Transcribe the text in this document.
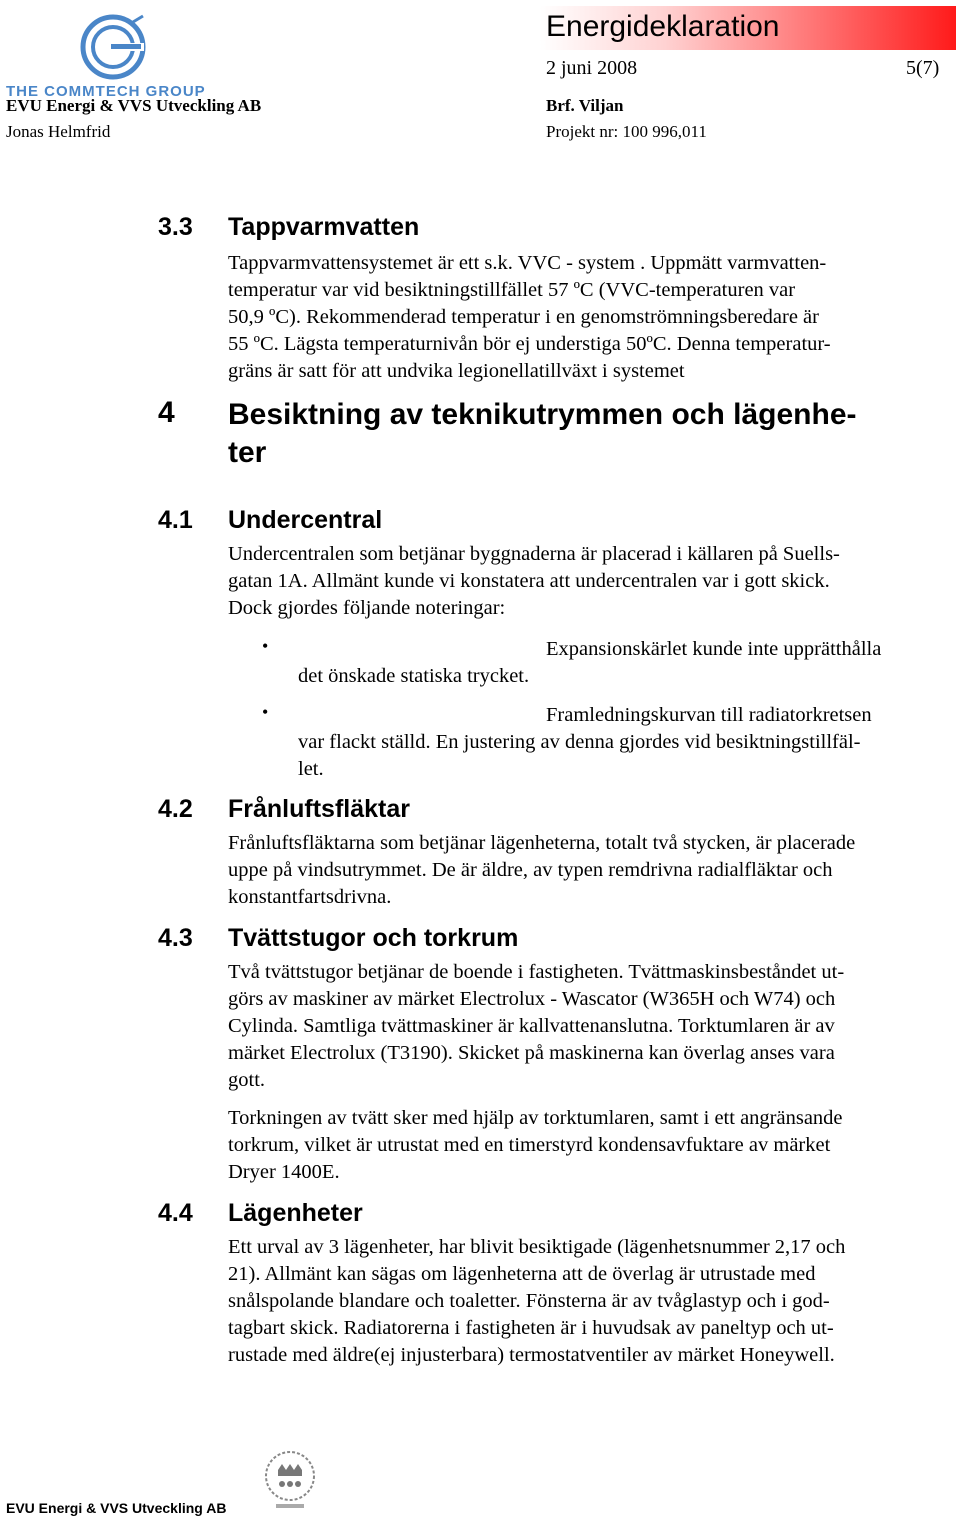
THE COMMTECH GROUP
EVU Energi & VVS Utveckling AB
Jonas Helmfrid
Energideklaration
2 juni 2008	5(7)
Brf. Viljan
Projekt nr: 100 996,011
3.3 Tappvarmvatten
Tappvarmvattensystemet är ett s.k. VVC - system . Uppmätt varmvatten-
temperatur var vid besiktningstillfället 57 ºC (VVC-temperaturen var
50,9 ºC). Rekommenderad temperatur i en genomströmningsberedare är
55 ºC. Lägsta temperaturnivån bör ej understiga 50ºC. Denna temperatur-
gräns är satt för att undvika legionellatillväxt i systemet
4 Besiktning av teknikutrymmen och lägenhe-
ter
4.1 Undercentral
Undercentralen som betjänar byggnaderna är placerad i källaren på Suells-
gatan 1A. Allmänt kunde vi konstatera att undercentralen var i gott skick.
Dock gjordes följande noteringar:
•	Expansionskärlet kunde inte upprätthålla
det önskade statiska trycket.
•	Framledningskurvan till radiatorkretsen
var flackt ställd. En justering av denna gjordes vid besiktningstillfäl-
let.
4.2 Frånluftsfläktar
Frånluftsfläktarna som betjänar lägenheterna, totalt två stycken, är placerade
uppe på vindsutrymmet. De är äldre, av typen remdrivna radialfläktar och
konstantfartsdrivna.
4.3 Tvättstugor och torkrum
Två tvättstugor betjänar de boende i fastigheten. Tvättmaskinsbeståndet ut-
görs av maskiner av märket Electrolux - Wascator (W365H och W74) och
Cylinda. Samtliga tvättmaskiner är kallvattenanslutna. Torktumlaren är av
märket Electrolux (T3190). Skicket på maskinerna kan överlag anses vara
gott.
Torkningen av tvätt sker med hjälp av torktumlaren, samt i ett angränsande
torkrum, vilket är utrustat med en timerstyrd kondensavfuktare av märket
Dryer 1400E.
4.4 Lägenheter
Ett urval av 3 lägenheter, har blivit besiktigade (lägenhetsnummer 2,17 och
21). Allmänt kan sägas om lägenheterna att de överlag är utrustade med
snålspolande blandare och toaletter. Fönsterna är av tvåglastyp och i god-
tagbart skick. Radiatorerna i fastigheten är i huvudsak av paneltyp och ut-
rustade med äldre(ej injusterbara) termostatventiler av märket Honeywell.
EVU Energi & VVS Utveckling AB
